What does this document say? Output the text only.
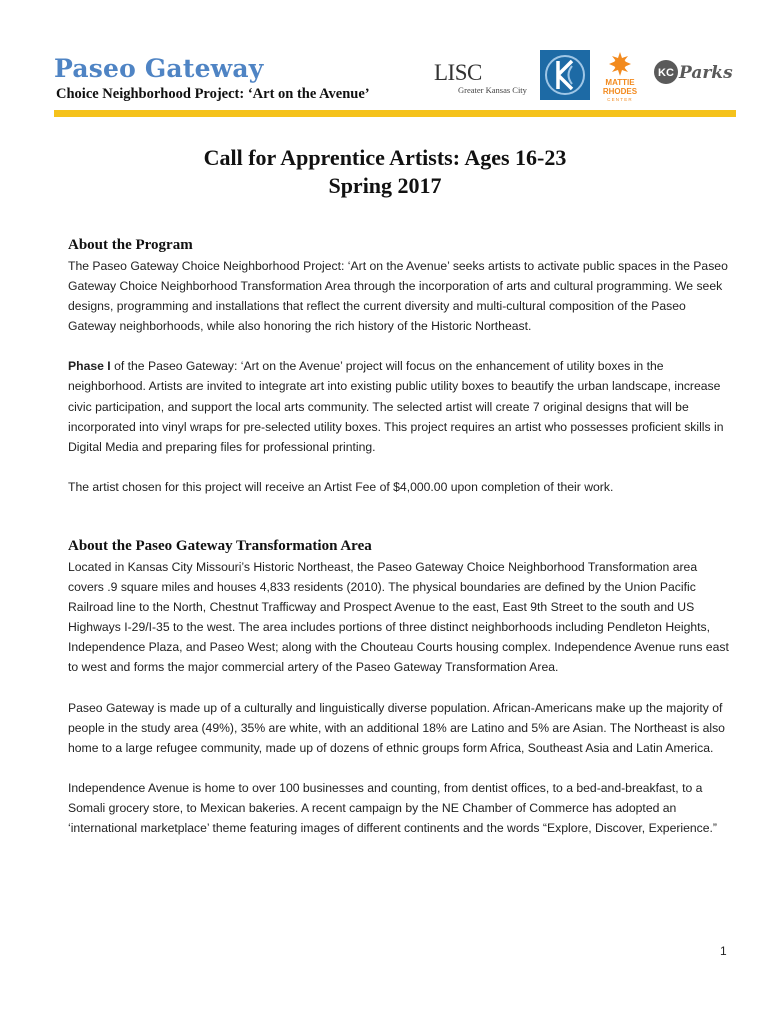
Paseo Gateway
Choice Neighborhood Project: ‘Art on the Avenue’
LISC
Greater Kansas City
MATTIE
RHODES
CENTER
KC Parks
Call for Apprentice Artists: Ages 16-23
Spring 2017
About the Program

The Paseo Gateway Choice Neighborhood Project: ‘Art on the Avenue’ seeks artists to activate public spaces in the Paseo Gateway Choice Neighborhood Transformation Area through the incorporation of arts and cultural programming. We seek designs, programming and installations that reflect the current diversity and multi-cultural composition of the Paseo Gateway neighborhoods, while also honoring the rich history of the Historic Northeast.

Phase I of the Paseo Gateway: ‘Art on the Avenue’ project will focus on the enhancement of utility boxes in the neighborhood. Artists are invited to integrate art into existing public utility boxes to beautify the urban landscape, increase civic participation, and support the local arts community. The selected artist will create 7 original designs that will be incorporated into vinyl wraps for pre-selected utility boxes. This project requires an artist who possesses proficient skills in Digital Media and preparing files for professional printing.

The artist chosen for this project will receive an Artist Fee of $4,000.00 upon completion of their work.

About the Paseo Gateway Transformation Area

Located in Kansas City Missouri’s Historic Northeast, the Paseo Gateway Choice Neighborhood Transformation area covers .9 square miles and houses 4,833 residents (2010). The physical boundaries are defined by the Union Pacific Railroad line to the North, Chestnut Trafficway and Prospect Avenue to the east, East 9th Street to the south and US Highways I-29/I-35 to the west. The area includes portions of three distinct neighborhoods including Pendleton Heights, Independence Plaza, and Paseo West; along with the Chouteau Courts housing complex. Independence Avenue runs east to west and forms the major commercial artery of the Paseo Gateway Transformation Area.

Paseo Gateway is made up of a culturally and linguistically diverse population. African-Americans make up the majority of people in the study area (49%), 35% are white, with an additional 18% are Latino and 5% are Asian. The Northeast is also home to a large refugee community, made up of dozens of ethnic groups form Africa, Southeast Asia and Latin America.

Independence Avenue is home to over 100 businesses and counting, from dentist offices, to a bed-and-breakfast, to a Somali grocery store, to Mexican bakeries. A recent campaign by the NE Chamber of Commerce has adopted an ‘international marketplace’ theme featuring images of different continents and the words “Explore, Discover, Experience.”

1
